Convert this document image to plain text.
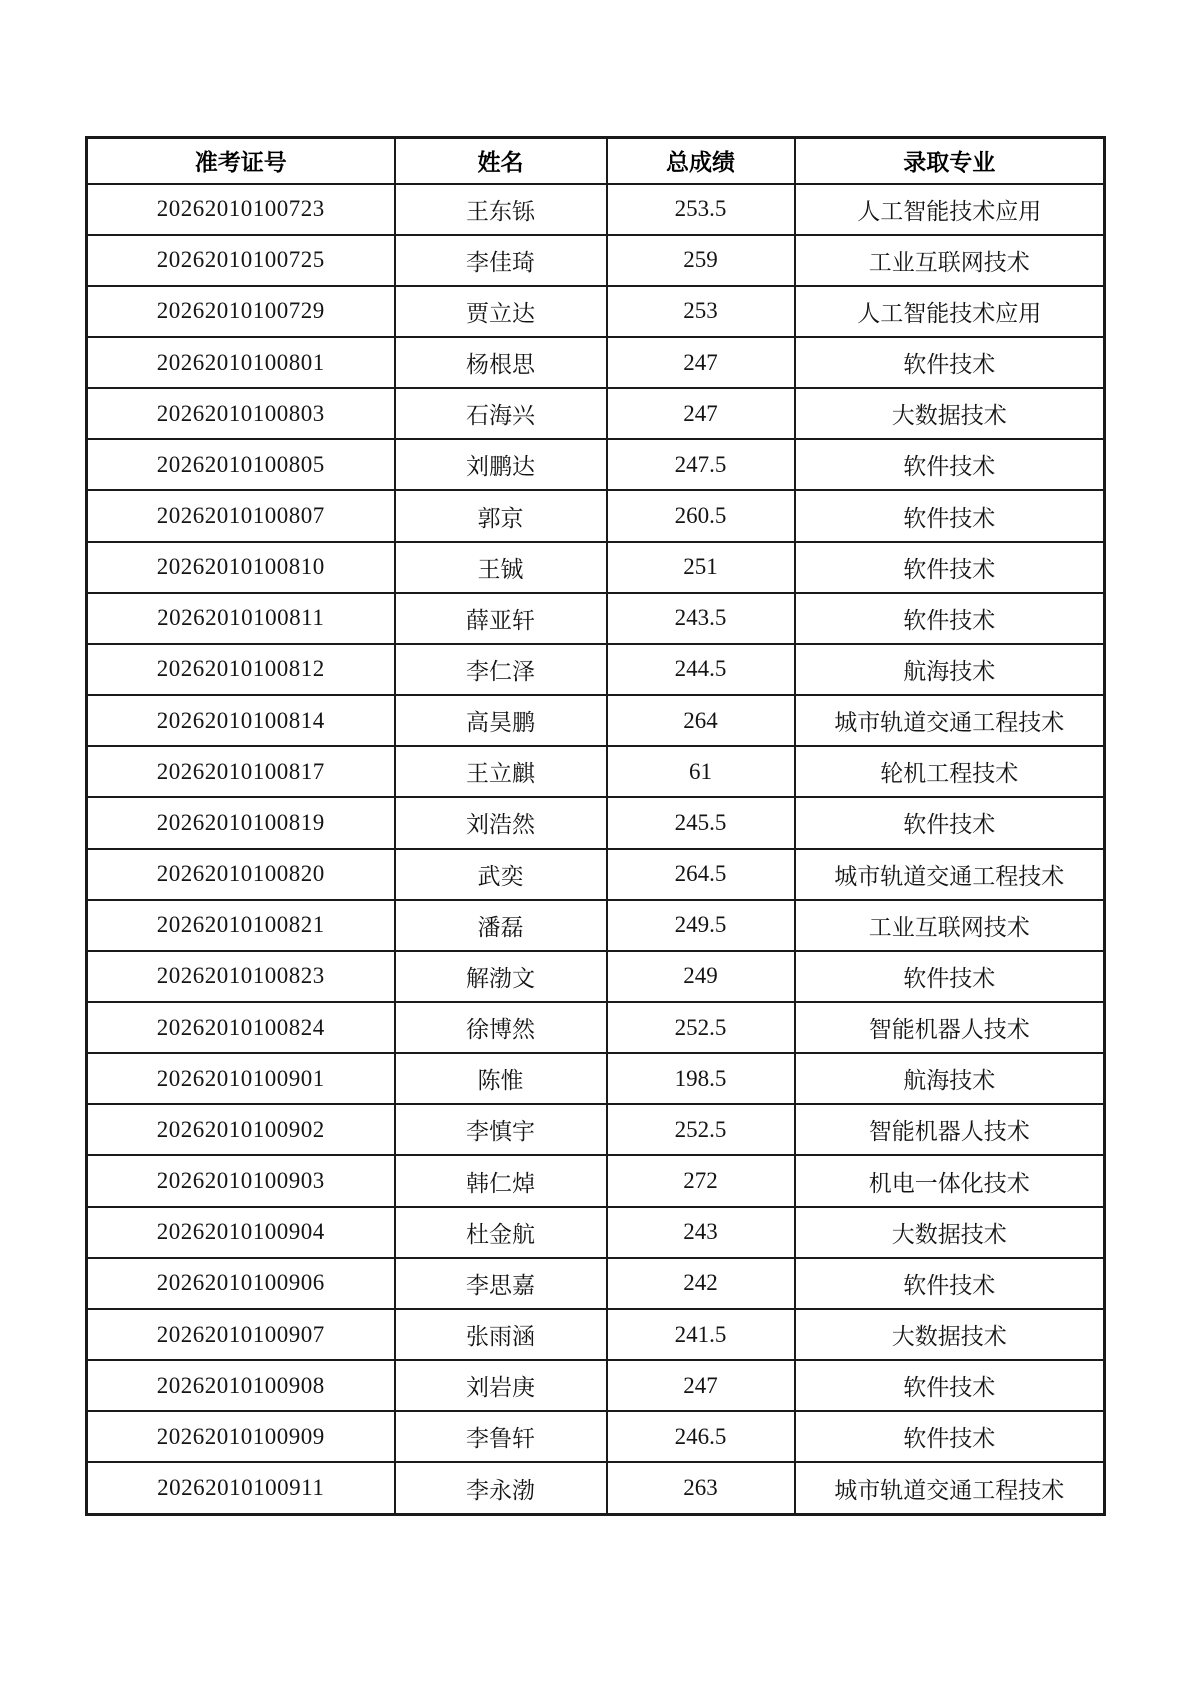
准考证号	姓名	总成绩	录取专业
20262010100723	王东铄	253.5	人工智能技术应用
20262010100725	李佳琦	259	工业互联网技术
20262010100729	贾立达	253	人工智能技术应用
20262010100801	杨根思	247	软件技术
20262010100803	石海兴	247	大数据技术
20262010100805	刘鹏达	247.5	软件技术
20262010100807	郭京	260.5	软件技术
20262010100810	王铖	251	软件技术
20262010100811	薛亚轩	243.5	软件技术
20262010100812	李仁泽	244.5	航海技术
20262010100814	高昊鹏	264	城市轨道交通工程技术
20262010100817	王立麒	61	轮机工程技术
20262010100819	刘浩然	245.5	软件技术
20262010100820	武奕	264.5	城市轨道交通工程技术
20262010100821	潘磊	249.5	工业互联网技术
20262010100823	解渤文	249	软件技术
20262010100824	徐博然	252.5	智能机器人技术
20262010100901	陈惟	198.5	航海技术
20262010100902	李慎宇	252.5	智能机器人技术
20262010100903	韩仁焯	272	机电一体化技术
20262010100904	杜金航	243	大数据技术
20262010100906	李思嘉	242	软件技术
20262010100907	张雨涵	241.5	大数据技术
20262010100908	刘岩庚	247	软件技术
20262010100909	李鲁轩	246.5	软件技术
20262010100911	李永渤	263	城市轨道交通工程技术
